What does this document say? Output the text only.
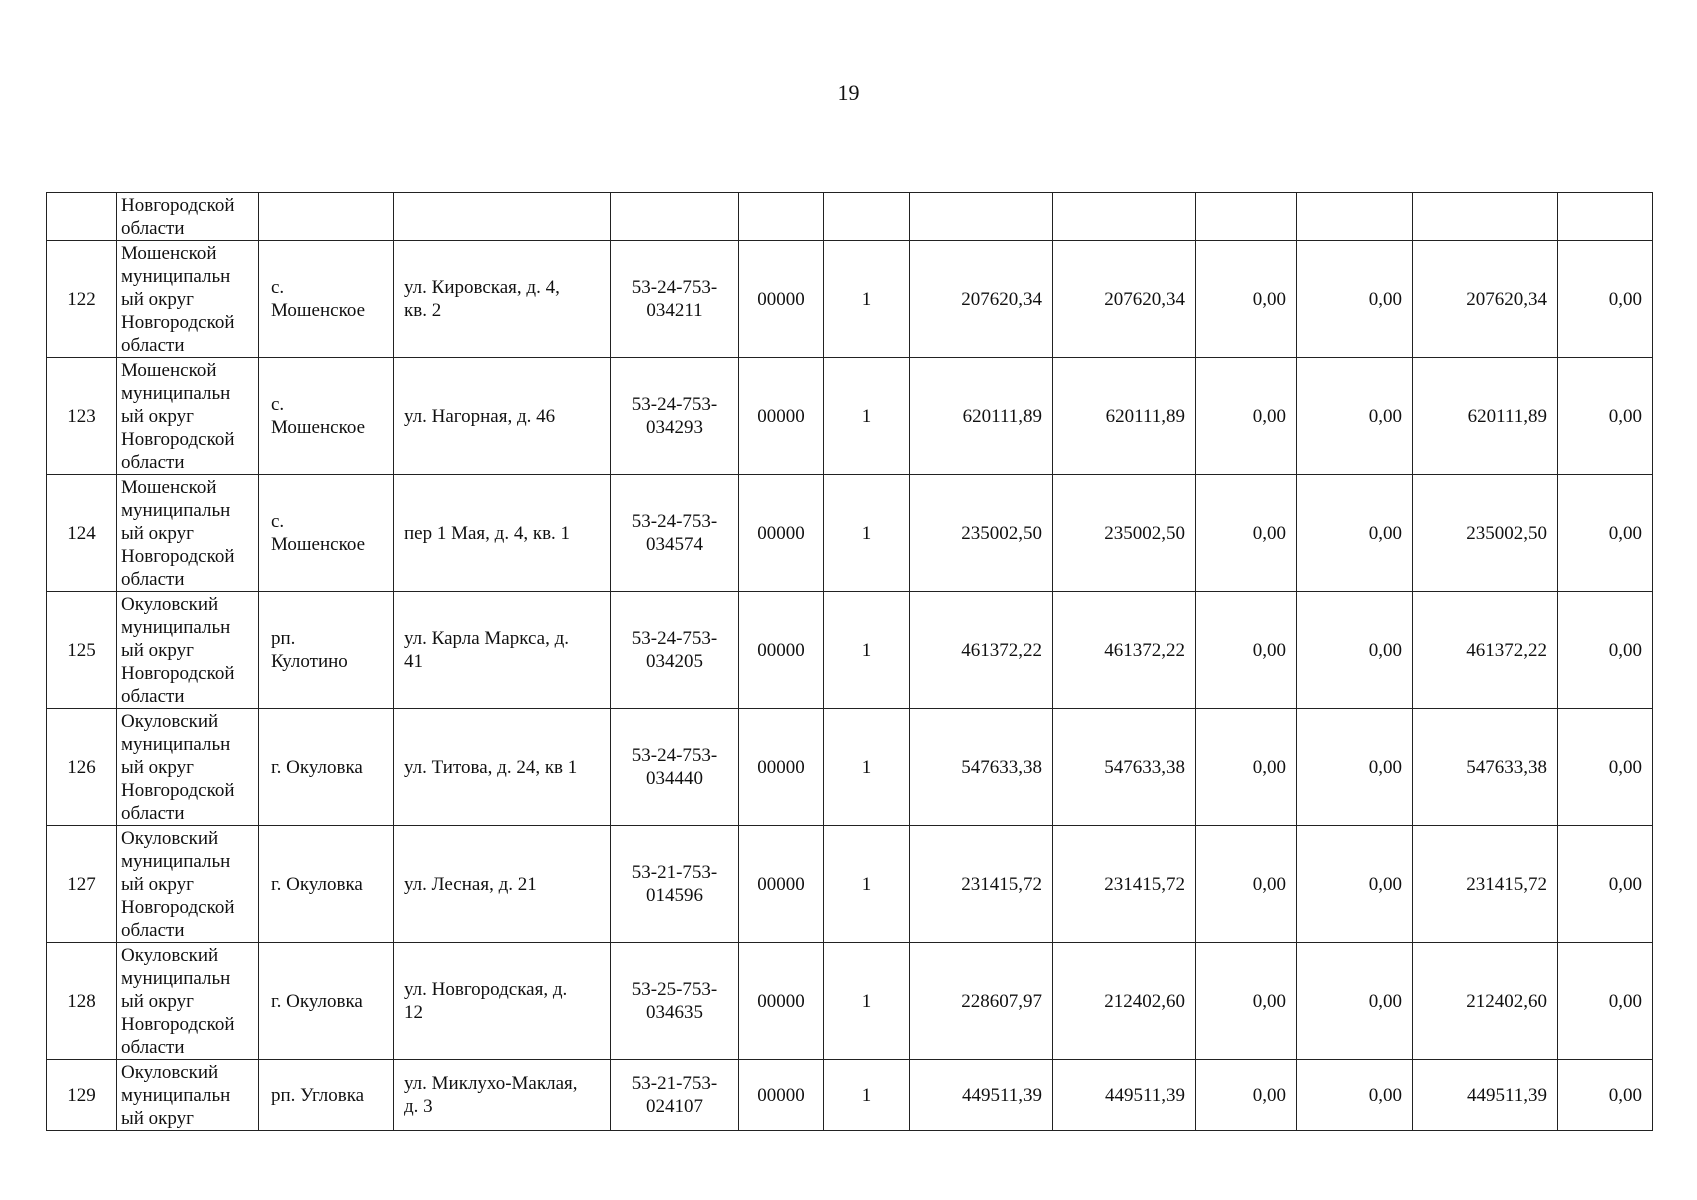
19
	Новгородской
области											
122	Мошенской
муниципальн
ый округ
Новгородской
области	с.
Мошенское	ул. Кировская, д. 4,
кв. 2	53-24-753-
034211	00000	1	207620,34	207620,34	0,00	0,00	207620,34	0,00
123	Мошенской
муниципальн
ый округ
Новгородской
области	с.
Мошенское	ул. Нагорная, д. 46	53-24-753-
034293	00000	1	620111,89	620111,89	0,00	0,00	620111,89	0,00
124	Мошенской
муниципальн
ый округ
Новгородской
области	с.
Мошенское	пер 1 Мая, д. 4, кв. 1	53-24-753-
034574	00000	1	235002,50	235002,50	0,00	0,00	235002,50	0,00
125	Окуловский
муниципальн
ый округ
Новгородской
области	рп.
Кулотино	ул. Карла Маркса, д.
41	53-24-753-
034205	00000	1	461372,22	461372,22	0,00	0,00	461372,22	0,00
126	Окуловский
муниципальн
ый округ
Новгородской
области	г. Окуловка	ул. Титова, д. 24, кв 1	53-24-753-
034440	00000	1	547633,38	547633,38	0,00	0,00	547633,38	0,00
127	Окуловский
муниципальн
ый округ
Новгородской
области	г. Окуловка	ул. Лесная, д. 21	53-21-753-
014596	00000	1	231415,72	231415,72	0,00	0,00	231415,72	0,00
128	Окуловский
муниципальн
ый округ
Новгородской
области	г. Окуловка	ул. Новгородская, д.
12	53-25-753-
034635	00000	1	228607,97	212402,60	0,00	0,00	212402,60	0,00
129	Окуловский
муниципальн
ый округ	рп. Угловка	ул. Миклухо-Маклая,
д. 3	53-21-753-
024107	00000	1	449511,39	449511,39	0,00	0,00	449511,39	0,00
